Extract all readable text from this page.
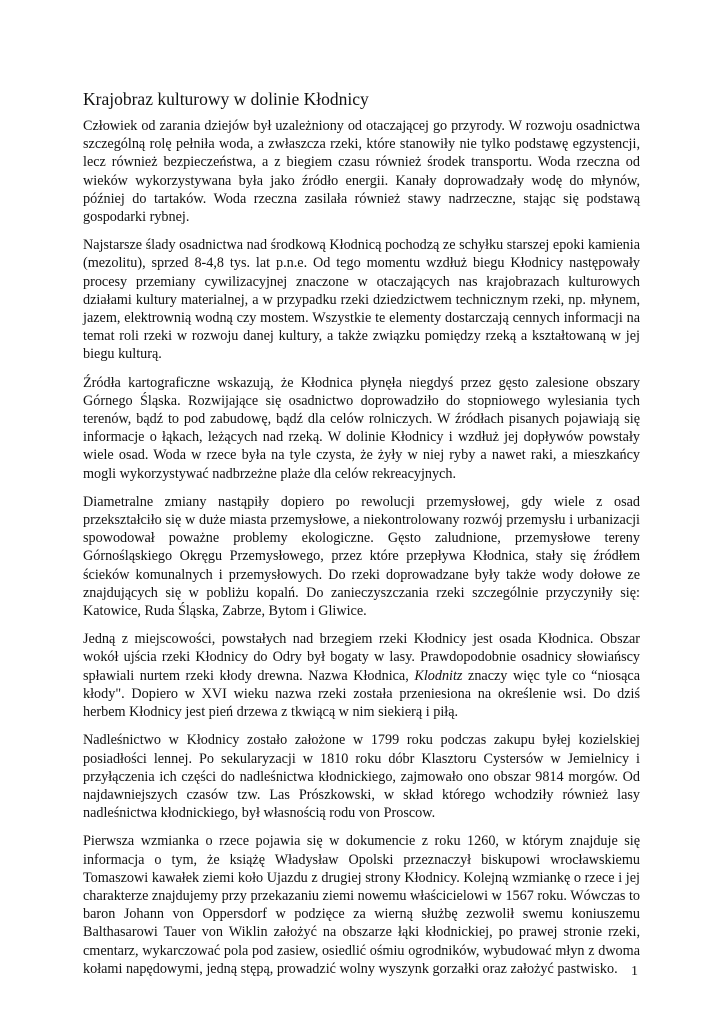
Krajobraz kulturowy w dolinie Kłodnicy

Człowiek od zarania dziejów był uzależniony od otaczającej go przyrody. W rozwoju osadnictwa szczególną rolę pełniła woda, a zwłaszcza rzeki, które stanowiły nie tylko podstawę egzystencji, lecz również bezpieczeństwa, a z biegiem czasu również środek transportu. Woda rzeczna od wieków wykorzystywana była jako źródło energii. Kanały doprowadzały wodę do młynów, później do tartaków. Woda rzeczna zasilała również stawy nadrzeczne, stając się podstawą gospodarki rybnej.

Najstarsze ślady osadnictwa nad środkową Kłodnicą pochodzą ze schyłku starszej epoki kamienia (mezolitu), sprzed 8-4,8 tys. lat p.n.e. Od tego momentu wzdłuż biegu Kłodnicy następowały procesy przemiany cywilizacyjnej znaczone w otaczających nas krajobrazach kulturowych działami kultury materialnej, a w przypadku rzeki dziedzictwem technicznym rzeki, np. młynem, jazem, elektrownią wodną czy mostem. Wszystkie te elementy dostarczają cennych informacji na temat roli rzeki w rozwoju danej kultury, a także związku pomiędzy rzeką a kształtowaną w jej biegu kulturą.

Źródła kartograficzne wskazują, że Kłodnica płynęła niegdyś przez gęsto zalesione obszary Górnego Śląska. Rozwijające się osadnictwo doprowadziło do stopniowego wylesiania tych terenów, bądź to pod zabudowę, bądź dla celów rolniczych. W źródłach pisanych pojawiają się informacje o łąkach, leżących nad rzeką. W dolinie Kłodnicy i wzdłuż jej dopływów powstały wiele osad. Woda w rzece była na tyle czysta, że żyły w niej ryby a nawet raki, a mieszkańcy mogli wykorzystywać nadbrzeżne plaże dla celów rekreacyjnych.

Diametralne zmiany nastąpiły dopiero po rewolucji przemysłowej, gdy wiele z osad przekształciło się w duże miasta przemysłowe, a niekontrolowany rozwój przemysłu i urbanizacji spowodował poważne problemy ekologiczne. Gęsto zaludnione, przemysłowe tereny Górnośląskiego Okręgu Przemysłowego, przez które przepływa Kłodnica, stały się źródłem ścieków komunalnych i przemysłowych. Do rzeki doprowadzane były także wody dołowe ze znajdujących się w pobliżu kopalń. Do zanieczyszczania rzeki szczególnie przyczyniły się: Katowice, Ruda Śląska, Zabrze, Bytom i Gliwice.

Jedną z miejscowości, powstałych nad brzegiem rzeki Kłodnicy jest osada Kłodnica. Obszar wokół ujścia rzeki Kłodnicy do Odry był bogaty w lasy. Prawdopodobnie osadnicy słowiańscy spławiali nurtem rzeki kłody drewna. Nazwa Kłodnica, Klodnitz znaczy więc tyle co “niosąca kłody". Dopiero w XVI wieku nazwa rzeki została przeniesiona na określenie wsi. Do dziś herbem Kłodnicy jest pień drzewa z tkwiącą w nim siekierą i piłą.

Nadleśnictwo w Kłodnicy zostało założone w 1799 roku podczas zakupu byłej kozielskiej posiadłości lennej. Po sekularyzacji w 1810 roku dóbr Klasztoru Cystersów w Jemielnicy i przyłączenia ich części do nadleśnictwa kłodnickiego, zajmowało ono obszar 9814 morgów. Od najdawniejszych czasów tzw. Las Prószkowski, w skład którego wchodziły również lasy nadleśnictwa kłodnickiego, był własnością rodu von Proscow.

Pierwsza wzmianka o rzece pojawia się w dokumencie z roku 1260, w którym znajduje się informacja o tym, że książę Władysław Opolski przeznaczył biskupowi wrocławskiemu Tomaszowi kawałek ziemi koło Ujazdu z drugiej strony Kłodnicy. Kolejną wzmiankę o rzece i jej charakterze znajdujemy przy przekazaniu ziemi nowemu właścicielowi w 1567 roku. Wówczas to baron Johann von Oppersdorf w podzięce za wierną służbę zezwolił swemu koniuszemu Balthasarowi Tauer von Wiklin założyć na obszarze łąki kłodnickiej, po prawej stronie rzeki, cmentarz, wykarczować pola pod zasiew, osiedlić ośmiu ogrodników, wybudować młyn z dwoma kołami napędowymi, jedną stępą, prowadzić wolny wyszynk gorzałki oraz założyć pastwisko. 1
